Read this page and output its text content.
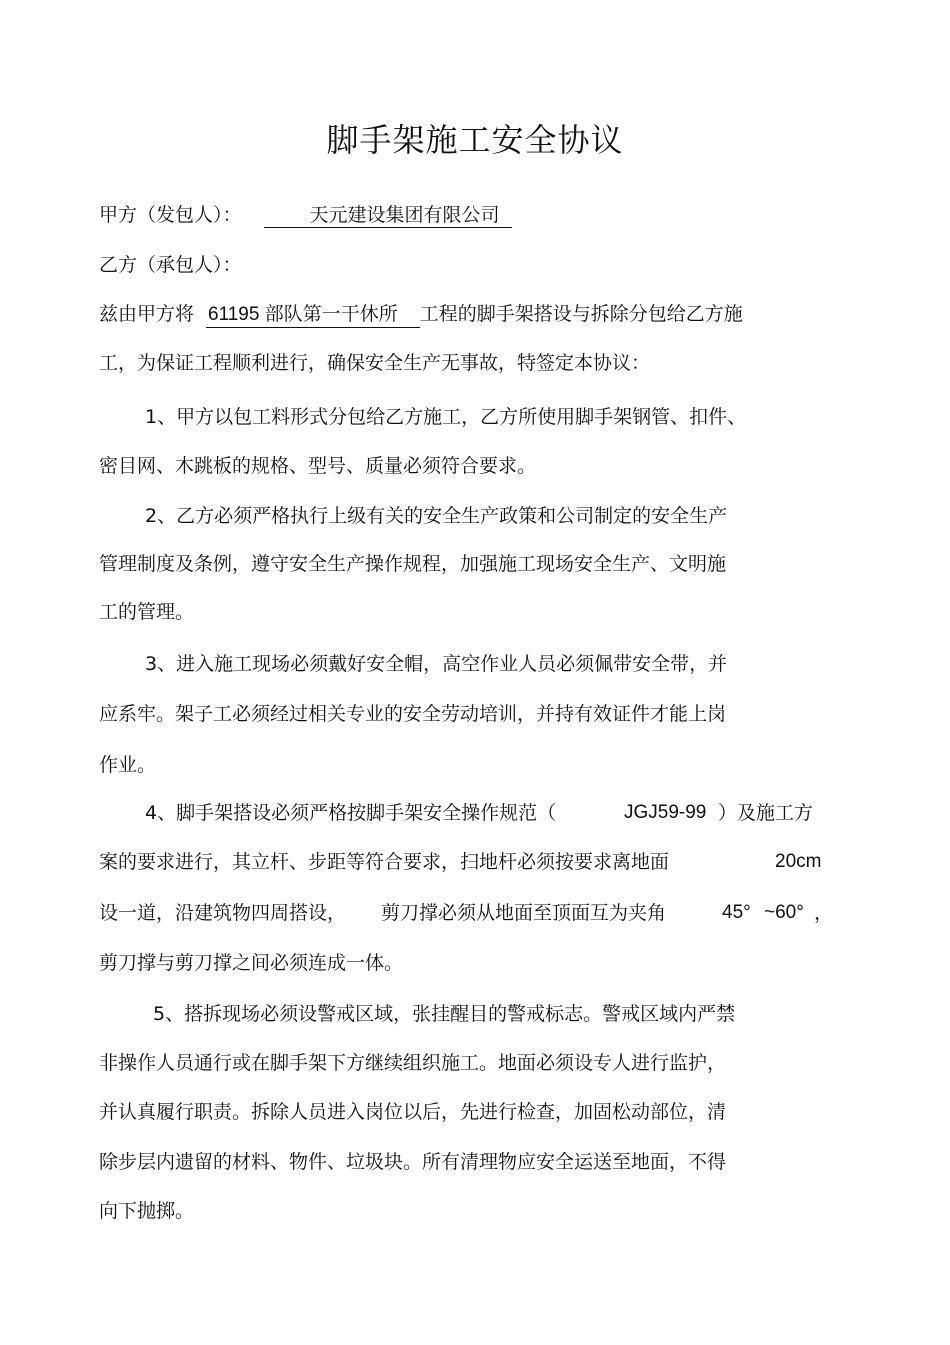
脚手架施工安全协议
甲方（发包人）：	天元建设集团有限公司
乙方（承包人）：
兹由甲方将 61195 部队第一干休所 工程的脚手架搭设与拆除分包给乙方施
工，为保证工程顺利进行，确保安全生产无事故，特签定本协议：
1、甲方以包工料形式分包给乙方施工，乙方所使用脚手架钢管、扣件、
密目网、木跳板的规格、型号、质量必须符合要求。
2、乙方必须严格执行上级有关的安全生产政策和公司制定的安全生产
管理制度及条例，遵守安全生产操作规程，加强施工现场安全生产、文明施
工的管理。
3、进入施工现场必须戴好安全帽，高空作业人员必须佩带安全带，并
应系牢。架子工必须经过相关专业的安全劳动培训，并持有效证件才能上岗
作业。
4、脚手架搭设必须严格按脚手架安全操作规范（	JGJ59-99 ）及施工方
案的要求进行，其立杆、步距等符合要求，扫地杆必须按要求离地面	20cm
设一道，沿建筑物四周搭设， 剪刀撑必须从地面至顶面互为夹角	45° ~60° ，
剪刀撑与剪刀撑之间必须连成一体。
5、搭拆现场必须设警戒区域，张挂醒目的警戒标志。警戒区域内严禁
非操作人员通行或在脚手架下方继续组织施工。地面必须设专人进行监护，
并认真履行职责。拆除人员进入岗位以后，先进行检查，加固松动部位，清
除步层内遗留的材料、物件、垃圾块。所有清理物应安全运送至地面，不得
向下抛掷。
